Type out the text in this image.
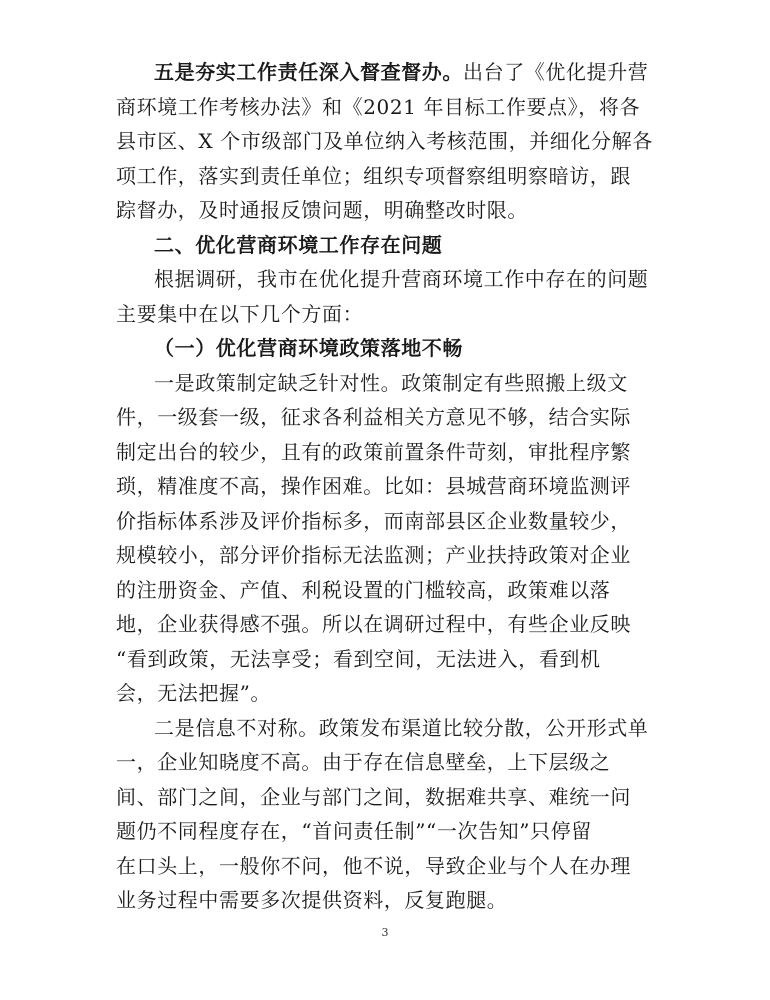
五是夯实工作责任深入督查督办。出台了《优化提升营
商环境工作考核办法》和《2021 年目标工作要点》，将各
县市区、X 个市级部门及单位纳入考核范围，并细化分解各
项工作，落实到责任单位；组织专项督察组明察暗访，跟
踪督办，及时通报反馈问题，明确整改时限。
二、优化营商环境工作存在问题
根据调研，我市在优化提升营商环境工作中存在的问题
主要集中在以下几个方面：
（一）优化营商环境政策落地不畅
一是政策制定缺乏针对性。政策制定有些照搬上级文
件，一级套一级，征求各利益相关方意见不够，结合实际
制定出台的较少，且有的政策前置条件苛刻，审批程序繁
琐，精准度不高，操作困难。比如：县城营商环境监测评
价指标体系涉及评价指标多，而南部县区企业数量较少，
规模较小，部分评价指标无法监测；产业扶持政策对企业
的注册资金、产值、利税设置的门槛较高，政策难以落
地，企业获得感不强。所以在调研过程中，有些企业反映
“看到政策，无法享受；看到空间，无法进入，看到机
会，无法把握”。
二是信息不对称。政策发布渠道比较分散，公开形式单
一，企业知晓度不高。由于存在信息壁垒，上下层级之
间、部门之间，企业与部门之间，数据难共享、难统一问
题仍不同程度存在，“首问责任制”“一次告知”只停留
在口头上，一般你不问，他不说，导致企业与个人在办理
业务过程中需要多次提供资料，反复跑腿。
3
